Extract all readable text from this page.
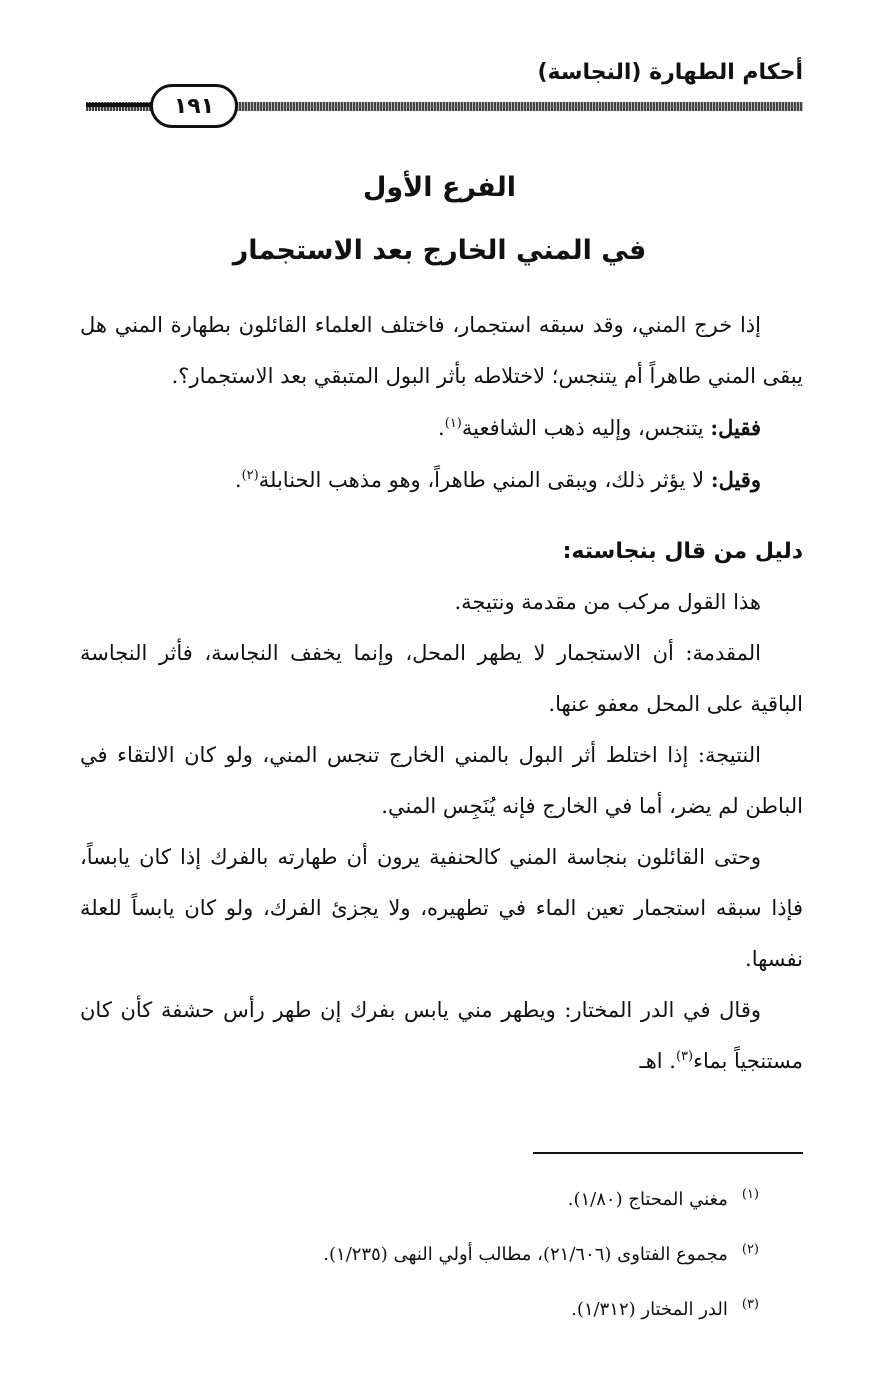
أحكام الطهارة (النجاسة)
١٩١
الفرع الأول
في المني الخارج بعد الاستجمار

إذا خرج المني، وقد سبقه استجمار، فاختلف العلماء القائلون بطهارة المني هل يبقى المني طاهراً أم يتنجس؛ لاختلاطه بأثر البول المتبقي بعد الاستجمار؟.

فقيل: يتنجس، وإليه ذهب الشافعية$^{(١)}$.

وقيل: لا يؤثر ذلك، ويبقى المني طاهراً، وهو مذهب الحنابلة$^{(٢)}$.

دليل من قال بنجاسته:

هذا القول مركب من مقدمة ونتيجة.

المقدمة: أن الاستجمار لا يطهر المحل، وإنما يخفف النجاسة، فأثر النجاسة الباقية على المحل معفو عنها.

النتيجة: إذا اختلط أثر البول بالمني الخارج تنجس المني، ولو كان الالتقاء في الباطن لم يضر، أما في الخارج فإنه يُنَجِس المني.

وحتى القائلون بنجاسة المني كالحنفية يرون أن طهارته بالفرك إذا كان يابساً، فإذا سبقه استجمار تعين الماء في تطهيره، ولا يجزئ الفرك، ولو كان يابساً للعلة نفسها.

وقال في الدر المختار: ويطهر مني يابس بفرك إن طهر رأس حشفة كأن كان مستنجياً بماء$^{(٣)}$. اهـ

$^{(١)}$مغني المحتاج (١/٨٠).
$^{(٢)}$مجموع الفتاوى (٢١/٦٠٦)، مطالب أولي النهى (١/٢٣٥).
$^{(٣)}$الدر المختار (١/٣١٢).
